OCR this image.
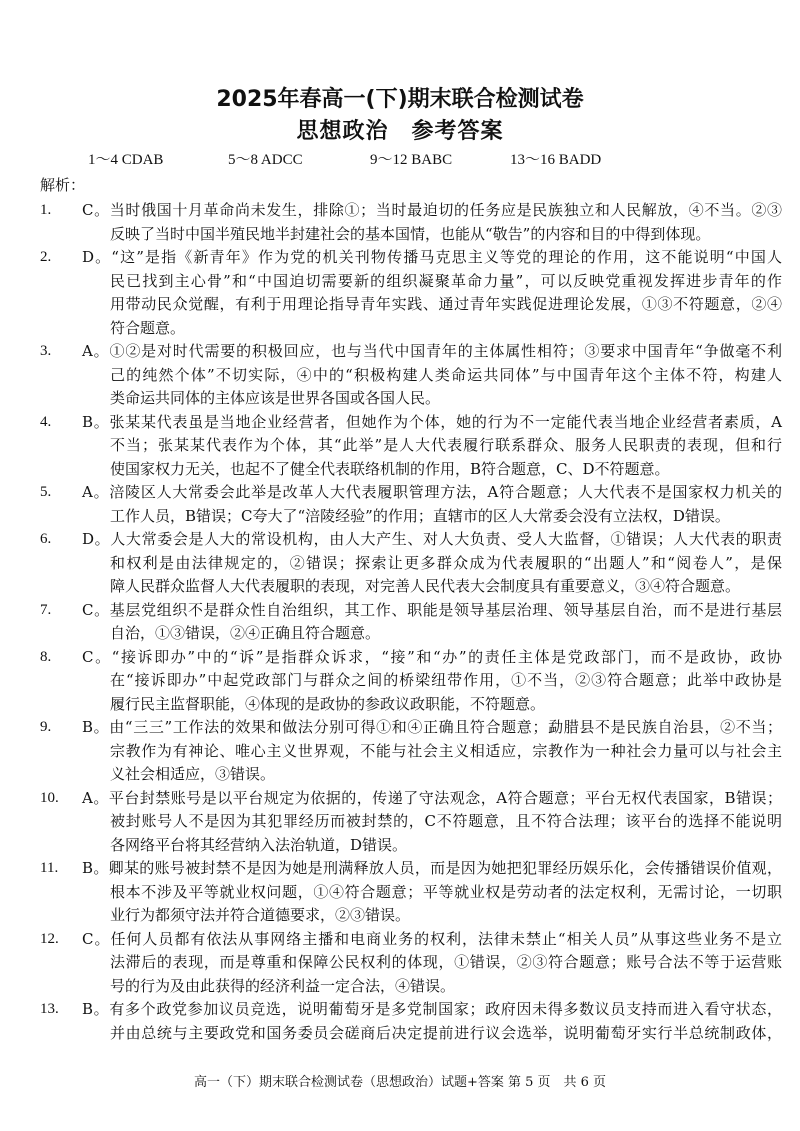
2025年春高一(下)期末联合检测试卷
思想政治　参考答案
1～4 CDAB	5～8 ADCC	9～12 BABC	13～16 BADD
解析：
1. C。当时俄国十月革命尚未发生，排除①；当时最迫切的任务应是民族独立和人民解放，④不当。②③
反映了当时中国半殖民地半封建社会的基本国情，也能从“敬告”的内容和目的中得到体现。
2. D。“这”是指《新青年》作为党的机关刊物传播马克思主义等党的理论的作用，这不能说明“中国人
民已找到主心骨”和“中国迫切需要新的组织凝聚革命力量”，可以反映党重视发挥进步青年的作
用带动民众觉醒，有利于用理论指导青年实践、通过青年实践促进理论发展，①③不符题意，②④
符合题意。
3. A。①②是对时代需要的积极回应，也与当代中国青年的主体属性相符；③要求中国青年“争做毫不利
己的纯然个体”不切实际，④中的“积极构建人类命运共同体”与中国青年这个主体不符，构建人
类命运共同体的主体应该是世界各国或各国人民。
4. B。张某某代表虽是当地企业经营者，但她作为个体，她的行为不一定能代表当地企业经营者素质，A
不当；张某某代表作为个体，其“此举”是人大代表履行联系群众、服务人民职责的表现，但和行
使国家权力无关，也起不了健全代表联络机制的作用，B符合题意，C、D不符题意。
5. A。涪陵区人大常委会此举是改革人大代表履职管理方法，A符合题意；人大代表不是国家权力机关的
工作人员，B错误；C夸大了“涪陵经验”的作用；直辖市的区人大常委会没有立法权，D错误。
6. D。人大常委会是人大的常设机构，由人大产生、对人大负责、受人大监督，①错误；人大代表的职责
和权利是由法律规定的，②错误；探索让更多群众成为代表履职的“出题人”和“阅卷人”，是保
障人民群众监督人大代表履职的表现，对完善人民代表大会制度具有重要意义，③④符合题意。
7. C。基层党组织不是群众性自治组织，其工作、职能是领导基层治理、领导基层自治，而不是进行基层
自治，①③错误，②④正确且符合题意。
8. C。“接诉即办”中的“诉”是指群众诉求，“接”和“办”的责任主体是党政部门，而不是政协，政协
在“接诉即办”中起党政部门与群众之间的桥梁纽带作用，①不当，②③符合题意；此举中政协是
履行民主监督职能，④体现的是政协的参政议政职能，不符题意。
9. B。由“三三”工作法的效果和做法分别可得①和④正确且符合题意；勐腊县不是民族自治县，②不当；
宗教作为有神论、唯心主义世界观，不能与社会主义相适应，宗教作为一种社会力量可以与社会主
义社会相适应，③错误。
10. A。平台封禁账号是以平台规定为依据的，传递了守法观念，A符合题意；平台无权代表国家，B错误；
被封账号人不是因为其犯罪经历而被封禁的，C不符题意，且不符合法理；该平台的选择不能说明
各网络平台将其经营纳入法治轨道，D错误。
11. B。卿某的账号被封禁不是因为她是刑满释放人员，而是因为她把犯罪经历娱乐化，会传播错误价值观，
根本不涉及平等就业权问题，①④符合题意；平等就业权是劳动者的法定权利，无需讨论，一切职
业行为都须守法并符合道德要求，②③错误。
12. C。任何人员都有依法从事网络主播和电商业务的权利，法律未禁止“相关人员”从事这些业务不是立
法滞后的表现，而是尊重和保障公民权利的体现，①错误，②③符合题意；账号合法不等于运营账
号的行为及由此获得的经济利益一定合法，④错误。
13. B。有多个政党参加议员竞选，说明葡萄牙是多党制国家；政府因未得多数议员支持而进入看守状态，
并由总统与主要政党和国务委员会磋商后决定提前进行议会选举，说明葡萄牙实行半总统制政体，
高一（下）期末联合检测试卷（思想政治）试题+答案 第 5 页　共 6 页
